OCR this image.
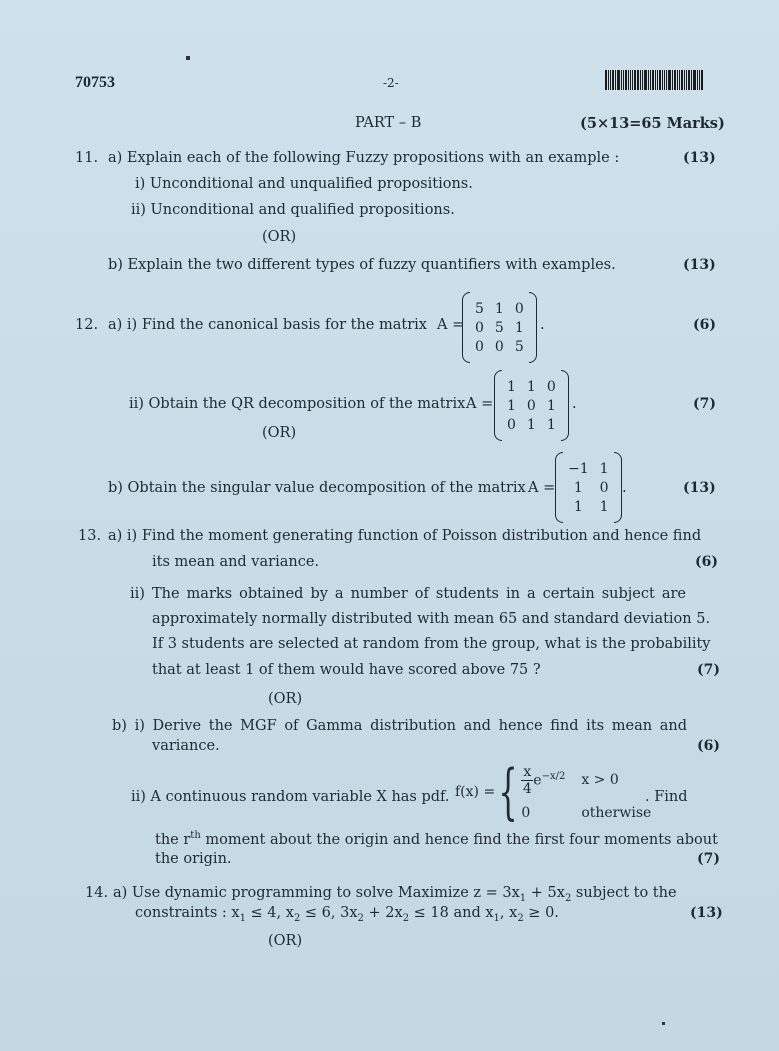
70753	-2-
PART – B	(5×13=65 Marks)
11. a) Explain each of the following Fuzzy propositions with an example :	(13)
i) Unconditional and unqualified propositions.
ii) Unconditional and qualified propositions.
(OR)
b) Explain the two different types of fuzzy quantifiers with examples.	(13)
12. a) i) Find the canonical basis for the matrix A =
5 1 0
0 5 1
0 0 5
.	(6)
ii) Obtain the QR decomposition of the matrix A =
1 1 0
1 0 1
0 1 1
.	(7)
(OR)
b) Obtain the singular value decomposition of the matrix A =
−1 1
1	0
1	1
.	(13)
13. a) i) Find the moment generating function of Poisson distribution and hence find
its mean and variance.	(6)
ii) The marks obtained by a number of students in a certain subject are
approximately normally distributed with mean 65 and standard deviation 5.
If 3 students are selected at random from the group, what is the probability
that at least 1 of them would have scored above 75 ?	(7)
(OR)
b) i) Derive the MGF of Gamma distribution and hence find its mean and
variance.	(6)
ii) A continuous random variable X has pdf. f(x) = { $\frac{x}{4} e^{-x/2}$ x > 0
0	otherwise
. Find
the $r^{th}$ moment about the origin and hence find the first four moments about
the origin.	(7)
14. a) Use dynamic programming to solve Maximize $z = 3x_1 + 5x_2$ subject to the
constraints : $x_1 \le 4$, $x_2 \le 6$, $3x_2 + 2x_2 \le 18$ and $x_1$, $x_2 \ge 0$.	(13)
(OR)
